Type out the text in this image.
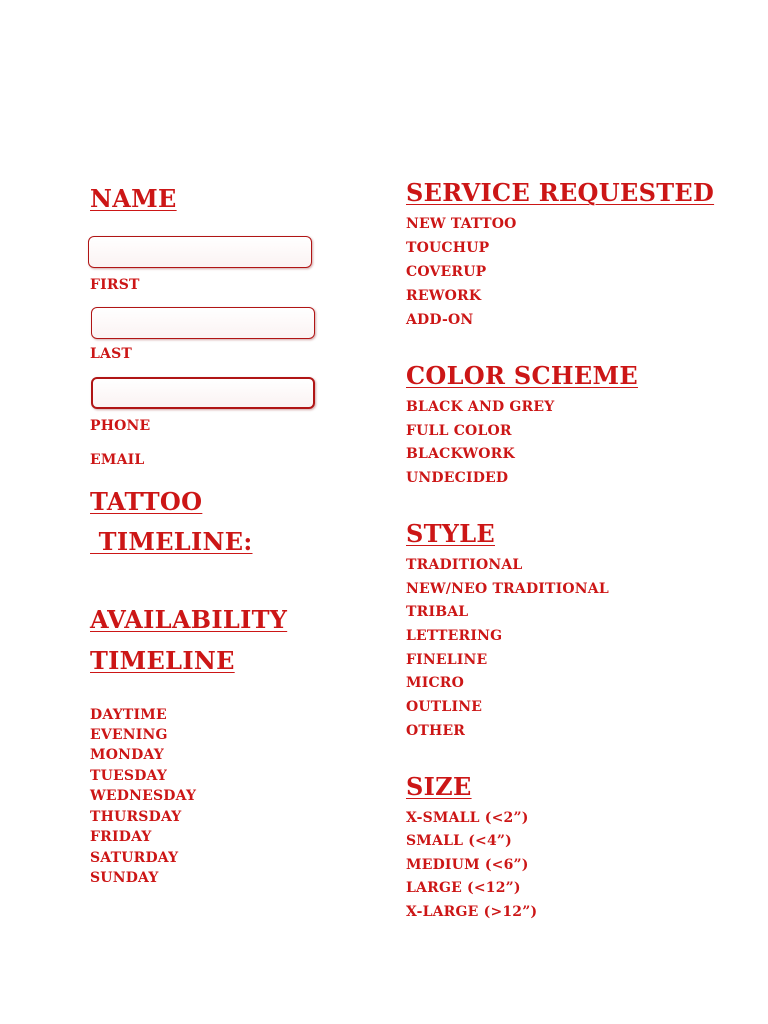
NAME
FIRST
LAST
PHONE
EMAIL
TATTOO
TIMELINE:
AVAILABILITY
TIMELINE
DAYTIME
EVENING
MONDAY
TUESDAY
WEDNESDAY
THURSDAY
FRIDAY
SATURDAY
SUNDAY
SERVICE REQUESTED
NEW TATTOO
TOUCHUP
COVERUP
REWORK
ADD-ON
COLOR SCHEME
BLACK AND GREY
FULL COLOR
BLACKWORK
UNDECIDED
STYLE
TRADITIONAL
NEW/NEO TRADITIONAL
TRIBAL
LETTERING
FINELINE
MICRO
OUTLINE
OTHER
SIZE
X-SMALL (<2”)
SMALL (<4”)
MEDIUM (<6”)
LARGE (<12”)
X-LARGE (>12”)
